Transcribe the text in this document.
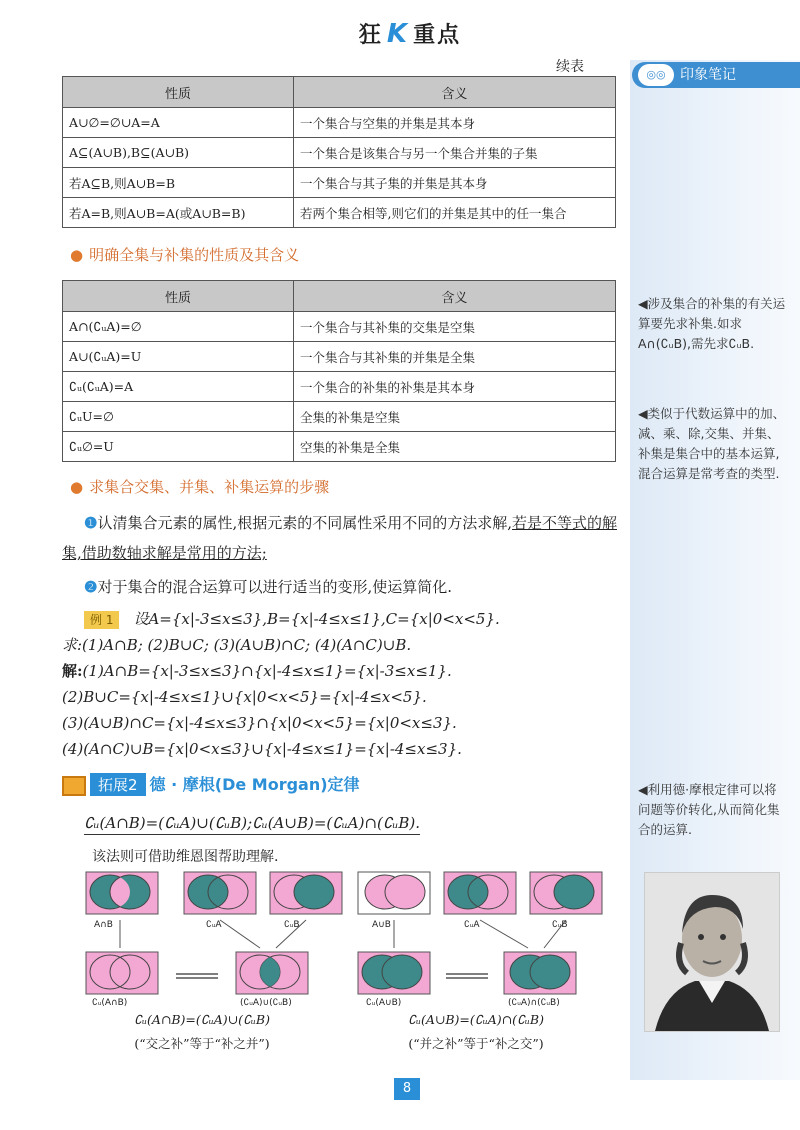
狂 K 重点
续表	◎◎ 印象笔记
◀涉及集合的补集的有关运算要先求补集.如求A∩(∁ᵤB),需先求∁ᵤB.
◀类似于代数运算中的加、减、乘、除,交集、并集、补集是集合中的基本运算,混合运算是常考查的类型.
◀利用德·摩根定律可以将问题等价转化,从而简化集合的运算.
性质	含义
A∪∅=∅∪A=A	一个集合与空集的并集是其本身
A⊆(A∪B),B⊆(A∪B)	一个集合是该集合与另一个集合并集的子集
若A⊆B,则A∪B=B	一个集合与其子集的并集是其本身
若A=B,则A∪B=A(或A∪B=B)	若两个集合相等,则它们的并集是其中的任一集合
● 明确全集与补集的性质及其含义
性质	含义
A∩(∁ᵤA)=∅	一个集合与其补集的交集是空集
A∪(∁ᵤA)=U	一个集合与其补集的并集是全集
∁ᵤ(∁ᵤA)=A	一个集合的补集的补集是其本身
∁ᵤU=∅	全集的补集是空集
∁ᵤ∅=U	空集的补集是全集
● 求集合交集、并集、补集运算的步骤
❶认清集合元素的属性,根据元素的不同属性采用不同的方法求解,若是不等式的解集,借助数轴求解是常用的方法;
❷对于集合的混合运算可以进行适当的变形,使运算简化.
例 1 设A={x|-3≤x≤3},B={x|-4≤x≤1},C={x|0<x<5}.
求:(1)A∩B; (2)B∪C; (3)(A∪B)∩C; (4)(A∩C)∪B.
解:(1)A∩B={x|-3≤x≤3}∩{x|-4≤x≤1}={x|-3≤x≤1}.
(2)B∪C={x|-4≤x≤1}∪{x|0<x<5}={x|-4≤x<5}.
(3)(A∪B)∩C={x|-4≤x≤3}∩{x|0<x<5}={x|0<x≤3}.
(4)(A∩C)∪B={x|0<x≤3}∪{x|-4≤x≤1}={x|-4≤x≤3}.
拓展2 德 · 摩根(De Morgan)定律
∁ᵤ(A∩B)=(∁ᵤA)∪(∁ᵤB);∁ᵤ(A∪B)=(∁ᵤA)∩(∁ᵤB).
该法则可借助维恩图帮助理解.
A∩B	∁ᵤA	∁ᵤB
∁ᵤ(A∩B)	(∁ᵤA)∪(∁ᵤB)
A∪B	∁ᵤA	∁ᵤB
∁ᵤ(A∪B)	(∁ᵤA)∩(∁ᵤB)
∁ᵤ(A∩B)=(∁ᵤA)∪(∁ᵤB)
(“交之补”等于“补之并”)
∁ᵤ(A∪B)=(∁ᵤA)∩(∁ᵤB)
(“并之补”等于“补之交”)
8
